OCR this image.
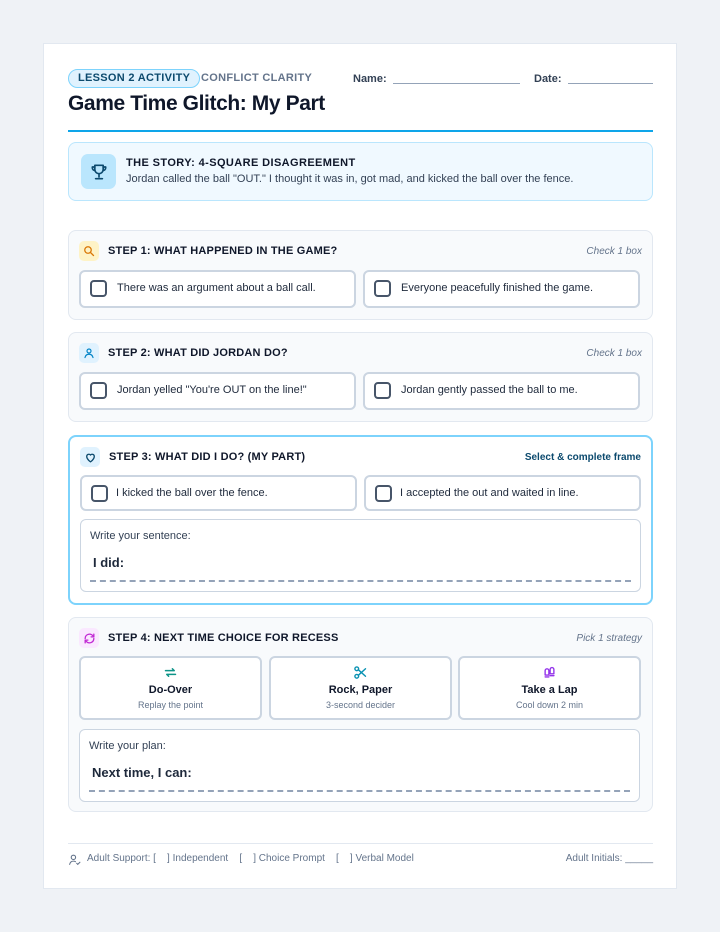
LESSON 2 ACTIVITY CONFLICT CLARITY
Game Time Glitch: My Part
Name:	Date:
THE STORY: 4-SQUARE DISAGREEMENT
Jordan called the ball "OUT." I thought it was in, got mad, and kicked the ball over the fence.
STEP 1: WHAT HAPPENED IN THE GAME?	Check 1 box
There was an argument about a ball call.	Everyone peacefully finished the game.
STEP 2: WHAT DID JORDAN DO?	Check 1 box
Jordan yelled "You're OUT on the line!"	Jordan gently passed the ball to me.
STEP 3: WHAT DID I DO? (MY PART)	Select & complete frame
I kicked the ball over the fence.	I accepted the out and waited in line.
Write your sentence:
I did:
STEP 4: NEXT TIME CHOICE FOR RECESS	Pick 1 strategy
Do-Over
Replay the point
Rock, Paper
3-second decider
Take a Lap
Cool down 2 min
Write your plan:
Next time, I can:
Adult Support: [    ] Independent    [    ] Choice Prompt    [    ] Verbal Model	Adult Initials: _____
